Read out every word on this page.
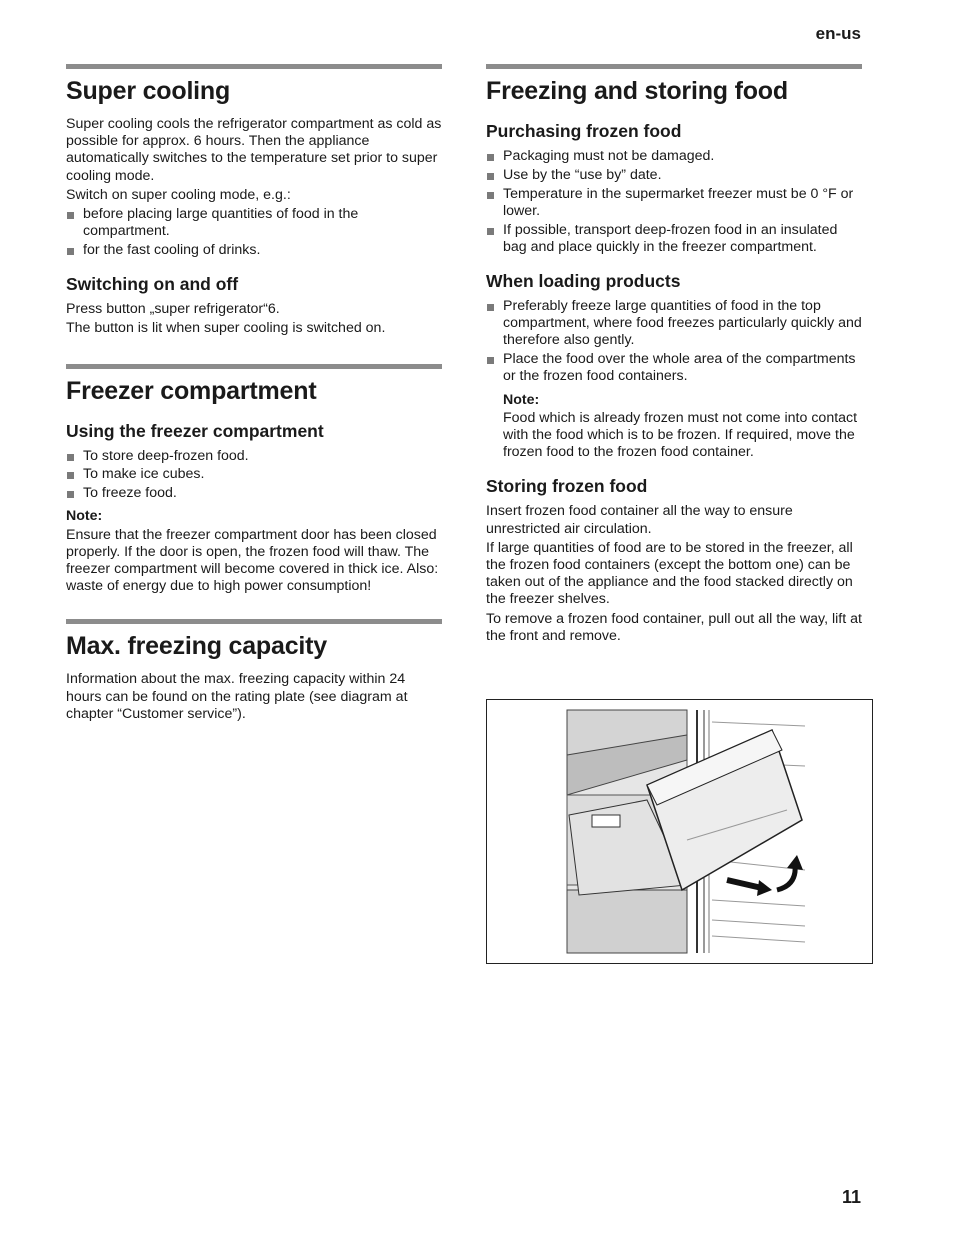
en-us
Super cooling

Super cooling cools the refrigerator compartment as cold as possible for approx. 6 hours. Then the appliance automatically switches to the temperature set prior to super cooling mode.

Switch on super cooling mode, e.g.:

before placing large quantities of food in the compartment.
for the fast cooling of drinks.
Switching on and off

Press button „super refrigerator“6.

The button is lit when super cooling is switched on.

Freezer compartment
Using the freezer compartment
To store deep-frozen food.
To make ice cubes.
To freeze food.
Note:

Ensure that the freezer compartment door has been closed properly. If the door is open, the frozen food will thaw. The freezer compartment will become covered in thick ice. Also: waste of energy due to high power consumption!

Max. freezing capacity

Information about the max. freezing capacity within 24 hours can be found on the rating plate (see diagram at chapter “Customer service”).

Freezing and storing food
Purchasing frozen food
Packaging must not be damaged.
Use by the “use by” date.
Temperature in the supermarket freezer must be 0 °F or lower.
If possible, transport deep-frozen food in an insulated bag and place quickly in the freezer compartment.
When loading products
Preferably freeze large quantities of food in the top compartment, where food freezes particularly quickly and therefore also gently.
Place the food over the whole area of the compartments or the frozen food containers.
Note:

Food which is already frozen must not come into contact with the food which is to be frozen. If required, move the frozen food to the frozen food container.

Storing frozen food

Insert frozen food container all the way to ensure unrestricted air circulation.

If large quantities of food are to be stored in the freezer, all the frozen food containers (except the bottom one) can be taken out of the appliance and the food stacked directly on the freezer shelves.

To remove a frozen food container, pull out all the way, lift at the front and remove.

11
